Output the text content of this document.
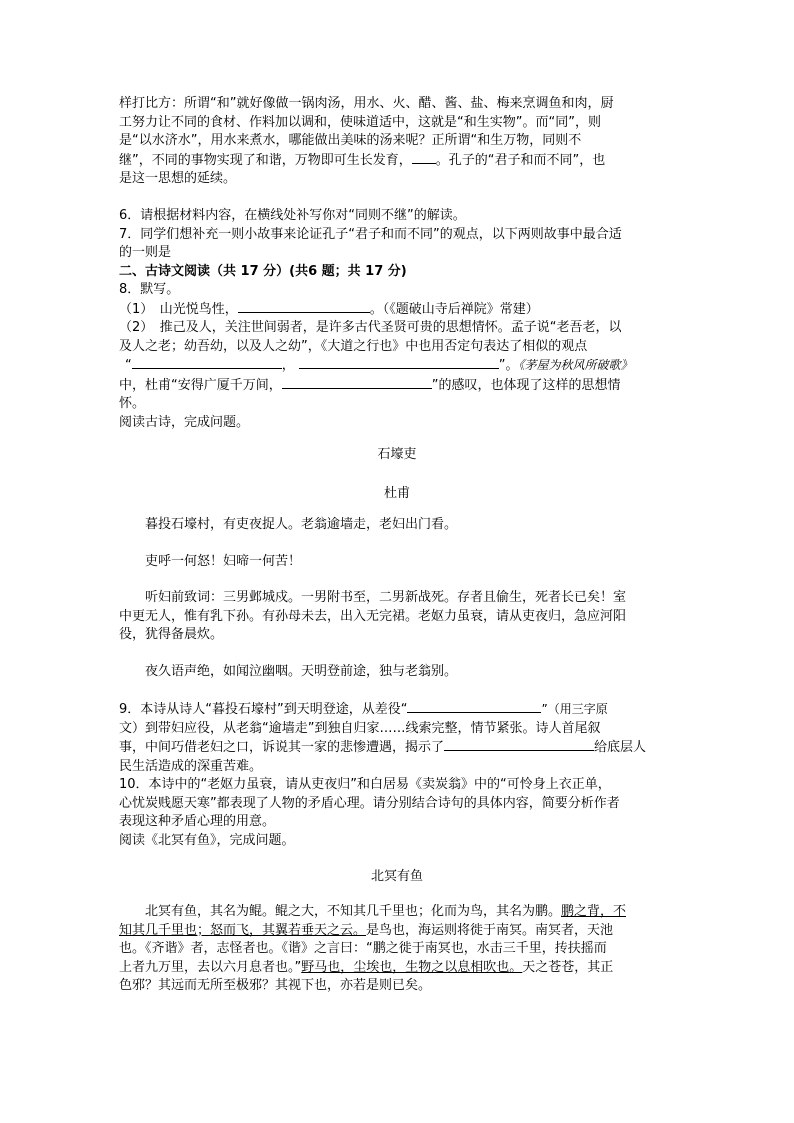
样打比方：所谓“和”就好像做一锅肉汤，用水、火、醋、酱、盐、梅来烹调鱼和肉，厨
工努力让不同的食材、作料加以调和，使味道适中，这就是“和生实物”。而“同”，则
是“以水济水”，用水来煮水，哪能做出美味的汤来呢？正所谓“和生万物，同则不
继”，不同的事物实现了和谐，万物即可生长发育， 。孔子的“君子和而不同”，也
是这一思想的延续。
6．请根据材料内容，在横线处补写你对“同则不继”的解读。
7．同学们想补充一则小故事来论证孔子“君子和而不同”的观点，以下两则故事中最合适
的一则是
二、古诗文阅读（共 17 分）(共6 题；共 17 分)
8．默写。
（1）　山光悦鸟性，	。（《题破山寺后禅院》常建）
（2）　推己及人，关注世间弱者，是许多古代圣贤可贵的思想情怀。孟子说“老吾老，以
及人之老；幼吾幼，以及人之幼”，《大道之行也》中也用否定句表达了相似的观点
“	，	”。《茅屋为秋风所破歌》
中，杜甫“安得广厦千万间，	”的感叹，也体现了这样的思想情
怀。
阅读古诗，完成问题。
石壕吏
杜甫
暮投石壕村，有吏夜捉人。老翁逾墙走，老妇出门看。
吏呼一何怒！妇啼一何苦！
听妇前致词：三男邺城戍。一男附书至，二男新战死。存者且偷生，死者长已矣！室
中更无人，惟有乳下孙。有孙母未去，出入无完裙。老妪力虽衰，请从吏夜归，急应河阳
役，犹得备晨炊。
夜久语声绝，如闻泣幽咽。天明登前途，独与老翁别。
9．本诗从诗人“暮投石壕村”到天明登途，从差役“	”（用三字原
文）到带妇应役，从老翁“逾墙走”到独自归家……线索完整，情节紧张。诗人首尾叙
事，中间巧借老妇之口，诉说其一家的悲惨遭遇，揭示了	给底层人
民生活造成的深重苦难。
10．本诗中的“老妪力虽衰，请从吏夜归”和白居易《卖炭翁》中的“可怜身上衣正单，
心忧炭贱愿天寒”都表现了人物的矛盾心理。请分别结合诗句的具体内容，简要分析作者
表现这种矛盾心理的用意。
阅读《北冥有鱼》，完成问题。
北冥有鱼
北冥有鱼，其名为鲲。鲲之大，不知其几千里也；化而为鸟，其名为鹏。鹏之背，不
知其几千里也；怒而飞，其翼若垂天之云。是鸟也，海运则将徙于南冥。南冥者，天池
也。《齐谐》者，志怪者也。《谐》之言曰：“鹏之徙于南冥也，水击三千里，抟扶摇而
上者九万里，去以六月息者也。”野马也，尘埃也，生物之以息相吹也。天之苍苍，其正
色邪？其远而无所至极邪？其视下也，亦若是则已矣。
